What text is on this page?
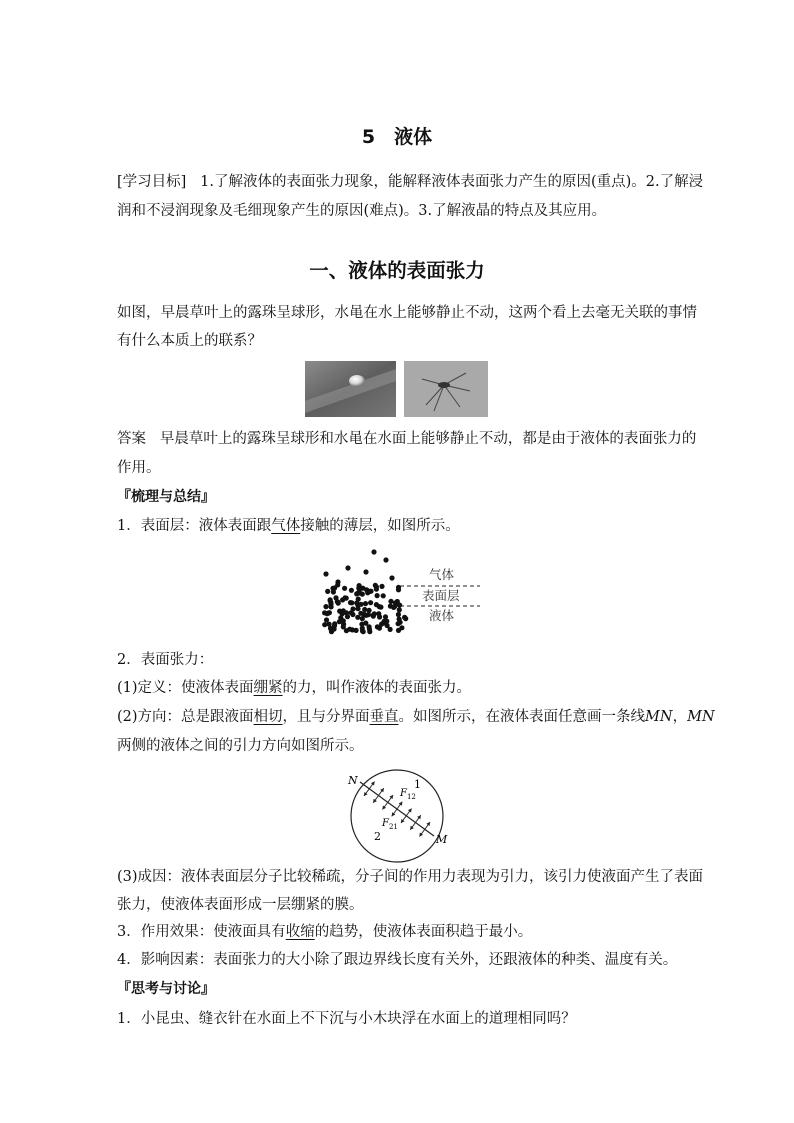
5　液体
[学习目标] 1.了解液体的表面张力现象，能解释液体表面张力产生的原因(重点)。2.了解浸
润和不浸润现象及毛细现象产生的原因(难点)。3.了解液晶的特点及其应用。
一、液体的表面张力
如图，早晨草叶上的露珠呈球形，水黾在水上能够静止不动，这两个看上去毫无关联的事情
有什么本质上的联系？
答案 早晨草叶上的露珠呈球形和水黾在水面上能够静止不动，都是由于液体的表面张力的
作用。
『梳理与总结』
1．表面层：液体表面跟气体接触的薄层，如图所示。
气体
表面层
液体
2．表面张力：
(1)定义：使液体表面绷紧的力，叫作液体的表面张力。
(2)方向：总是跟液面相切，且与分界面垂直。如图所示，在液体表面任意画一条线MN，MN
两侧的液体之间的引力方向如图所示。
N
M
1
2
$F_{12}$
$F_{21}$
(3)成因：液体表面层分子比较稀疏，分子间的作用力表现为引力，该引力使液面产生了表面
张力，使液体表面形成一层绷紧的膜。
3．作用效果：使液面具有收缩的趋势，使液体表面积趋于最小。
4．影响因素：表面张力的大小除了跟边界线长度有关外，还跟液体的种类、温度有关。
『思考与讨论』
1．小昆虫、缝衣针在水面上不下沉与小木块浮在水面上的道理相同吗？
